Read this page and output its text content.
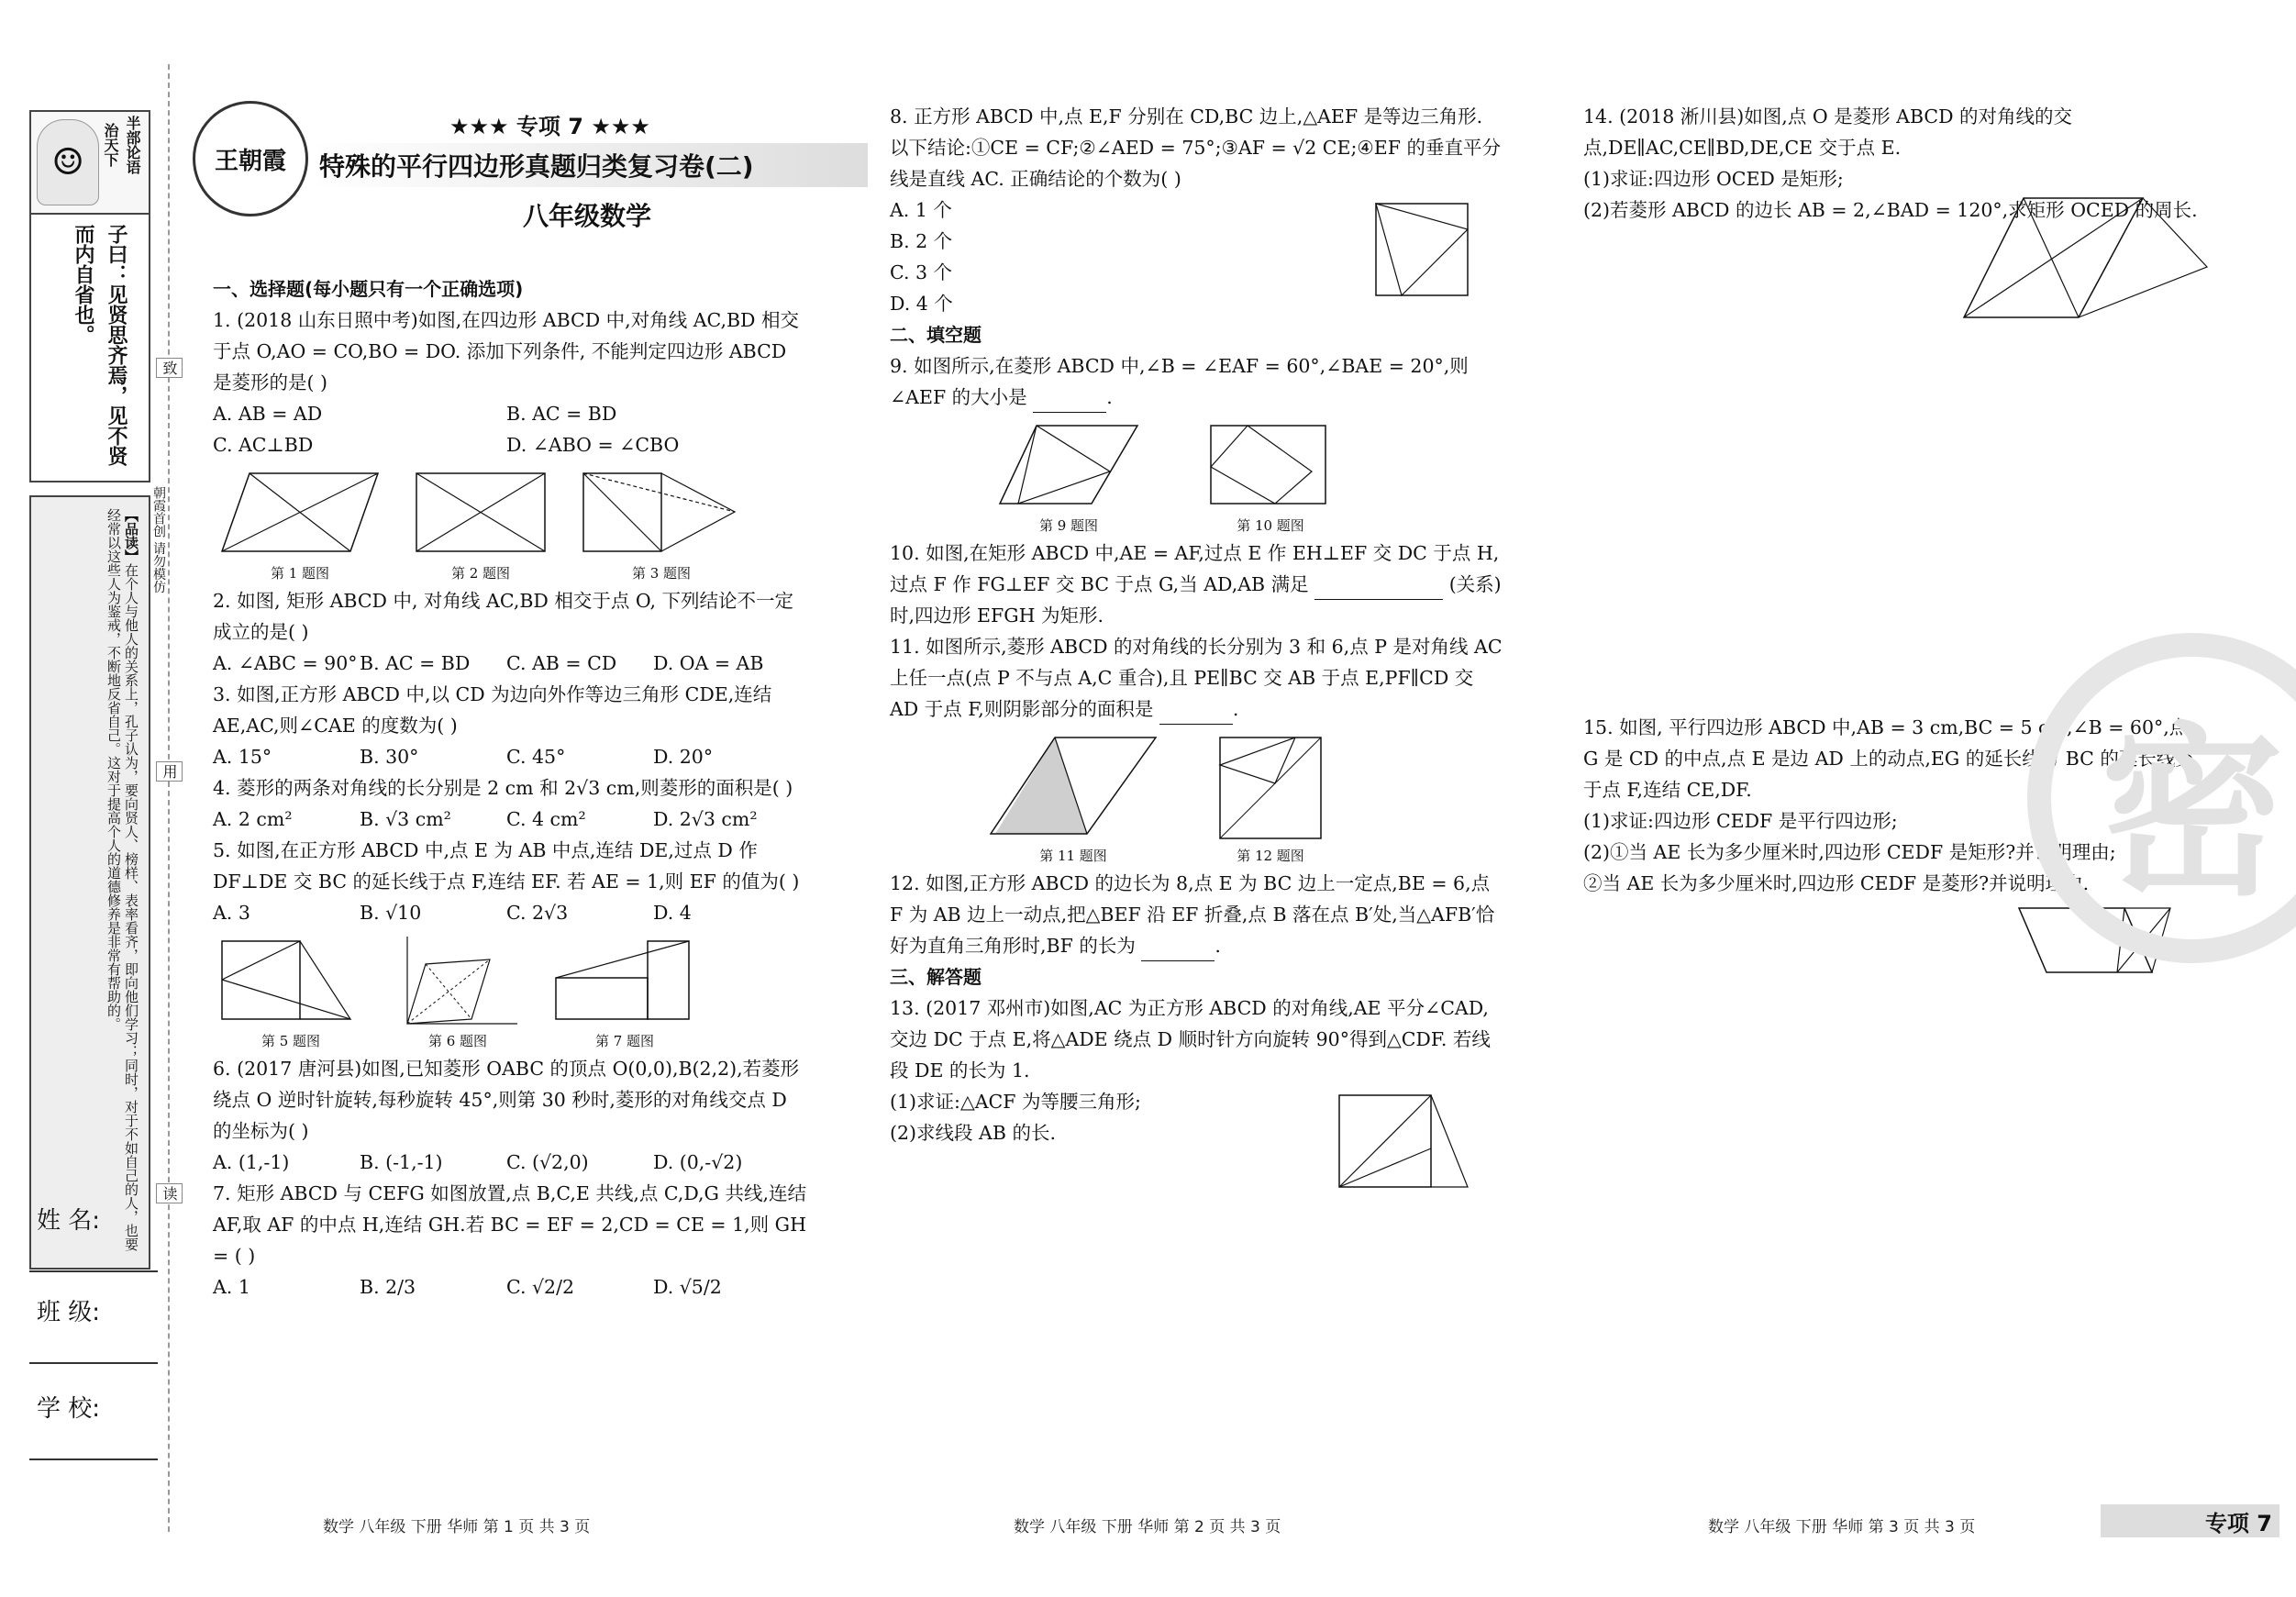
☺	半部论语
治天下
子曰：见贤思齐焉，见不贤而内自省也。
【品读】在个人与他人的关系上，孔子认为，要向贤人、榜样、表率看齐，即向他们学习；同时，对于不如自己的人，也要经常以这些人为鉴戒，不断地反省自己。这对于提高个人的道德修养是非常有帮助的。
姓 名:
班 级:
学 校:
致
用
读
朝霞首创 请勿模仿
王朝霞
★★★ 专项 7 ★★★
特殊的平行四边形真题归类复习卷(二)
八年级数学

一、选择题(每小题只有一个正确选项)

1. (2018 山东日照中考)如图,在四边形 ABCD 中,对角线 AC,BD 相交于点 O,AO = CO,BO = DO. 添加下列条件, 不能判定四边形 ABCD 是菱形的是( )

A. AB = AD	B. AC = BD
C. AC⊥BD	D. ∠ABO = ∠CBO
第 1 题图	第 2 题图	第 3 题图

2. 如图, 矩形 ABCD 中, 对角线 AC,BD 相交于点 O, 下列结论不一定成立的是( )

A. ∠ABC = 90° B. AC = BD	C. AB = CD	D. OA = AB

3. 如图,正方形 ABCD 中,以 CD 为边向外作等边三角形 CDE,连结 AE,AC,则∠CAE 的度数为( )

A. 15°	B. 30°	C. 45°	D. 20°

4. 菱形的两条对角线的长分别是 2 cm 和 2√3 cm,则菱形的面积是( )

A. 2 cm²	B. √3 cm²	C. 4 cm²	D. 2√3 cm²

5. 如图,在正方形 ABCD 中,点 E 为 AB 中点,连结 DE,过点 D 作 DF⊥DE 交 BC 的延长线于点 F,连结 EF. 若 AE = 1,则 EF 的值为( )

A. 3	B. √10	C. 2√3	D. 4
第 5 题图	第 6 题图	第 7 题图

6. (2017 唐河县)如图,已知菱形 OABC 的顶点 O(0,0),B(2,2),若菱形绕点 O 逆时针旋转,每秒旋转 45°,则第 30 秒时,菱形的对角线交点 D 的坐标为( )

A. (1,-1)	B. (-1,-1)	C. (√2,0)	D. (0,-√2)

7. 矩形 ABCD 与 CEFG 如图放置,点 B,C,E 共线,点 C,D,G 共线,连结 AF,取 AF 的中点 H,连结 GH.若 BC = EF = 2,CD = CE = 1,则 GH = ( )

A. 1	B. 2/3	C. √2/2	D. √5/2

8. 正方形 ABCD 中,点 E,F 分别在 CD,BC 边上,△AEF 是等边三角形. 以下结论:①CE = CF;②∠AED = 75°;③AF = √2 CE;④EF 的垂直平分线是直线 AC. 正确结论的个数为( )

A. 1 个
B. 2 个
C. 3 个
D. 4 个

二、填空题

9. 如图所示,在菱形 ABCD 中,∠B = ∠EAF = 60°,∠BAE = 20°,则∠AEF 的大小是	.

第 9 题图	第 10 题图

10. 如图,在矩形 ABCD 中,AE = AF,过点 E 作 EH⊥EF 交 DC 于点 H,过点 F 作 FG⊥EF 交 BC 于点 G,当 AD,AB 满足	(关系)时,四边形 EFGH 为矩形.

11. 如图所示,菱形 ABCD 的对角线的长分别为 3 和 6,点 P 是对角线 AC 上任一点(点 P 不与点 A,C 重合),且 PE∥BC 交 AB 于点 E,PF∥CD 交 AD 于点 F,则阴影部分的面积是	.

第 11 题图	第 12 题图

12. 如图,正方形 ABCD 的边长为 8,点 E 为 BC 边上一定点,BE = 6,点 F 为 AB 边上一动点,把△BEF 沿 EF 折叠,点 B 落在点 B′处,当△AFB′恰好为直角三角形时,BF 的长为	.

三、解答题

13. (2017 邓州市)如图,AC 为正方形 ABCD 的对角线,AE 平分∠CAD,交边 DC 于点 E,将△ADE 绕点 D 顺时针方向旋转 90°得到△CDF. 若线段 DE 的长为 1.

(1)求证:△ACF 为等腰三角形;
(2)求线段 AB 的长.

14. (2018 淅川县)如图,点 O 是菱形 ABCD 的对角线的交点,DE∥AC,CE∥BD,DE,CE 交于点 E.

(1)求证:四边形 OCED 是矩形;

(2)若菱形 ABCD 的边长 AB = 2,∠BAD = 120°,求矩形 OCED 的周长.

15. 如图, 平行四边形 ABCD 中,AB = 3 cm,BC = 5 cm,∠B = 60°,点 G 是 CD 的中点,点 E 是边 AD 上的动点,EG 的延长线与 BC 的延长线交于点 F,连结 CE,DF.

(1)求证:四边形 CEDF 是平行四边形;

(2)①当 AE 长为多少厘米时,四边形 CEDF 是矩形?并说明理由;

②当 AE 长为多少厘米时,四边形 CEDF 是菱形?并说明理由. 密
数学 八年级 下册 华师 第 1 页 共 3 页	数学 八年级 下册 华师 第 2 页 共 3 页	数学 八年级 下册 华师 第 3 页 共 3 页	专项 7
